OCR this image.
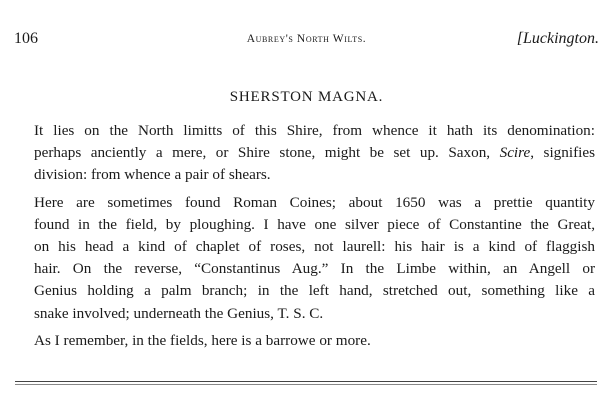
106	Aubrey's North Wilts.	[Luckington.
SHERSTON MAGNA.

It lies on the North limitts of this Shire, from whence it hath its denomination:
perhaps anciently a mere, or Shire stone, might be set up. Saxon, Scire, signifies
division: from whence a pair of shears.

Here are sometimes found Roman Coines; about 1650 was a prettie quantity
found in the field, by ploughing. I have one silver piece of Constantine the Great,
on his head a kind of chaplet of roses, not laurell: his hair is a kind of flaggish
hair. On the reverse, “Constantinus Aug.” In the Limbe within, an Angell or
Genius holding a palm branch; in the left hand, stretched out, something like a
snake involved; underneath the Genius, T. S. C.

As I remember, in the fields, here is a barrowe or more.
